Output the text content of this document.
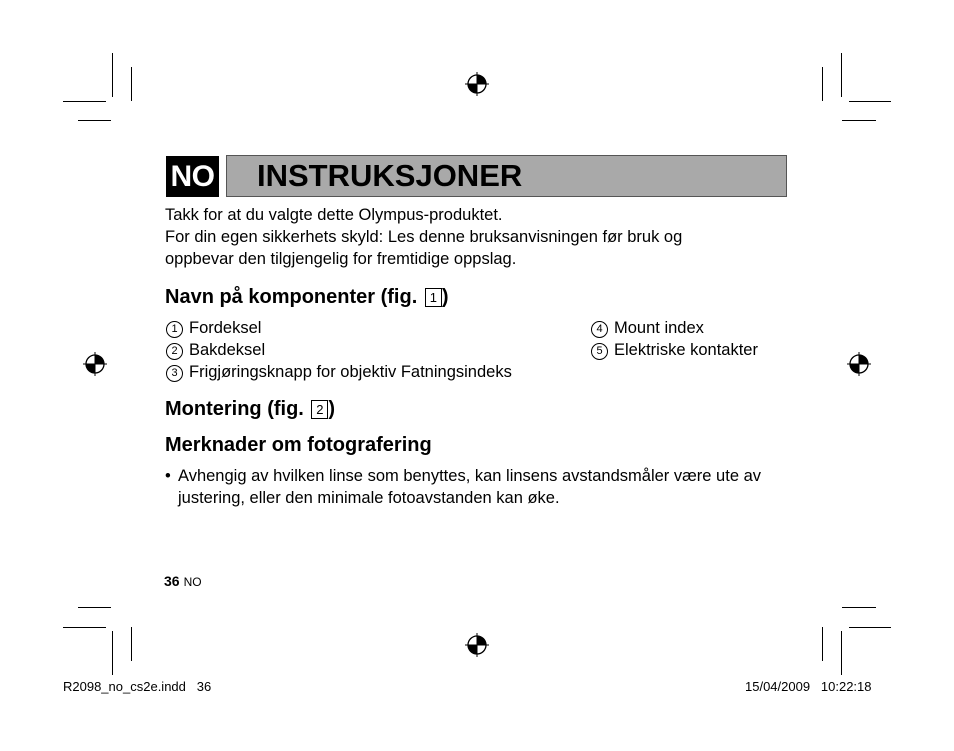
NO INSTRUKSJONER
Takk for at du valgte dette Olympus-produktet.
For din egen sikkerhets skyld: Les denne bruksanvisningen før bruk og
oppbevar den tilgjengelig for fremtidige oppslag.
Navn på komponenter (fig. 1 )
1 Fordeksel
2 Bakdeksel
3 Frigjøringsknapp for objektiv Fatningsindeks
4 Mount index
5 Elektriske kontakter
Montering (fig. 2 )
Merknader om fotografering
• Avhengig av hvilken linse som benyttes, kan linsens avstandsmåler være ute av justering, eller den minimale fotoavstanden kan øke.
36 NO
R2098_no_cs2e.indd   36	15/04/2009   10:22:18
